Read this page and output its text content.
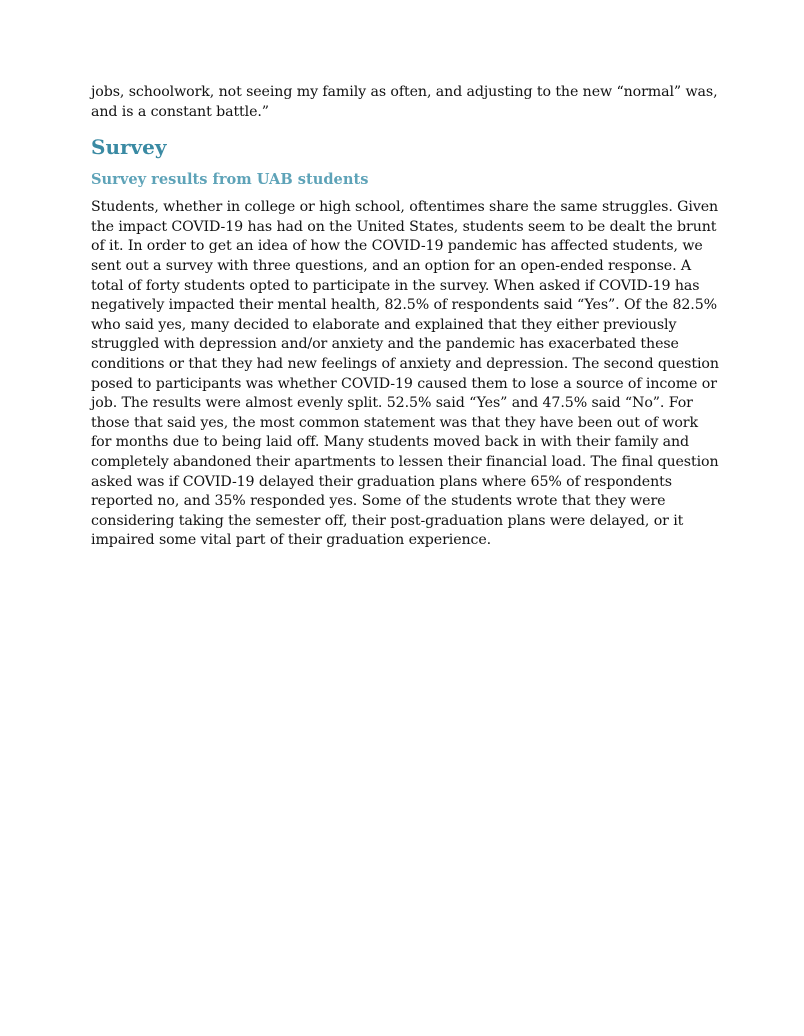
jobs, schoolwork, not seeing my family as often, and adjusting to the new “normal” was, and is a constant battle.”

Survey
Survey results from UAB students

Students, whether in college or high school, oftentimes share the same struggles. Given the impact COVID-19 has had on the United States, students seem to be dealt the brunt of it. In order to get an idea of how the COVID-19 pandemic has affected students, we sent out a survey with three questions, and an option for an open-ended response. A total of forty students opted to participate in the survey. When asked if COVID-19 has negatively impacted their mental health, 82.5% of respondents said “Yes”. Of the 82.5% who said yes, many decided to elaborate and explained that they either previously struggled with depression and/or anxiety and the pandemic has exacerbated these conditions or that they had new feelings of anxiety and depression. The second question posed to participants was whether COVID-19 caused them to lose a source of income or job. The results were almost evenly split. 52.5% said “Yes” and 47.5% said “No”. For those that said yes, the most common statement was that they have been out of work for months due to being laid off. Many students moved back in with their family and completely abandoned their apartments to lessen their financial load. The final question asked was if COVID-19 delayed their graduation plans where 65% of respondents reported no, and 35% responded yes. Some of the students wrote that they were considering taking the semester off, their post-graduation plans were delayed, or it impaired some vital part of their graduation experience.
